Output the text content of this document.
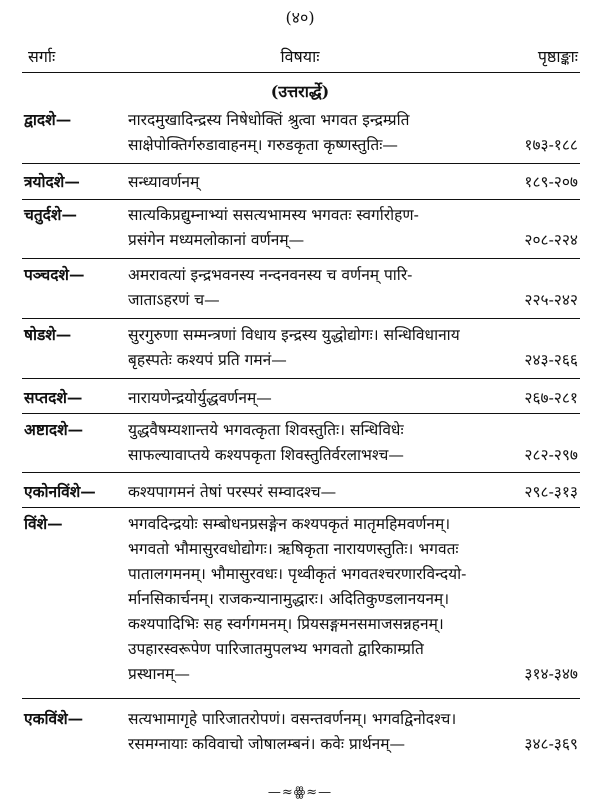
(४०)
सर्गाः	विषयाः	पृष्ठाङ्काः
(उत्तरार्द्धे)
द्वादशे—	नारदमुखादिन्द्रस्य निषेधोक्तिं श्रुत्वा भगवत इन्द्रम्प्रति
साक्षेपोक्तिर्गरुडावाहनम्। गरुडकृता कृष्णस्तुतिः—	१७३-१८८
त्रयोदशे—	सन्ध्यावर्णनम्	१८९-२०७
चतुर्दशे—	सात्यकिप्रद्युम्नाभ्यां ससत्यभामस्य भगवतः स्वर्गारोहण-
प्रसंगेन मध्यमलोकानां वर्णनम्—	२०८-२२४
पञ्चदशे—	अमरावत्यां इन्द्रभवनस्य नन्दनवनस्य च वर्णनम् पारि-
जाताऽहरणं च—	२२५-२४२
षोडशे—	सुरगुरुणा सम्मन्त्रणां विधाय इन्द्रस्य युद्धोद्योगः। सन्धिविधानाय
बृहस्पतेः कश्यपं प्रति गमनं—	२४३-२६६
सप्तदशे—	नारायणेन्द्रयोर्युद्धवर्णनम्—	२६७-२८१
अष्टादशे—	युद्धवैषम्यशान्तये भगवत्कृता शिवस्तुतिः। सन्धिविधेः
साफल्यावाप्तये कश्यपकृता शिवस्तुतिर्वरलाभश्च—	२८२-२९७
एकोनविंशे— कश्यपागमनं तेषां परस्परं सम्वादश्च—	२९८-३१३
विंशे—	भगवदिन्द्रयोः सम्बोधनप्रसङ्गेन कश्यपकृतं मातृमहिमवर्णनम्।
भगवतो भौमासुरवधोद्योगः। ऋषिकृता नारायणस्तुतिः। भगवतः
पातालगमनम्। भौमासुरवधः। पृथ्वीकृतं भगवतश्चरणारविन्दयो-
र्मानसिकार्चनम्। राजकन्यानामुद्धारः। अदितिकुण्डलानयनम्।
कश्यपादिभिः सह स्वर्गगमनम्। प्रियसङ्गमनसमाजसन्नहनम्।
उपहारस्वरूपेण पारिजातमुपलभ्य भगवतो द्वारिकाम्प्रति
प्रस्थानम्—	३१४-३४७
एकविंशे—	सत्यभामागृहे पारिजातरोपणं। वसन्तवर्णनम्। भगवद्विनोदश्च।
रसमग्नायाः कविवाचो जोषालम्बनं। कवेः प्रार्थनम्—	३४८-३६९
—≈ꙮ≈—
